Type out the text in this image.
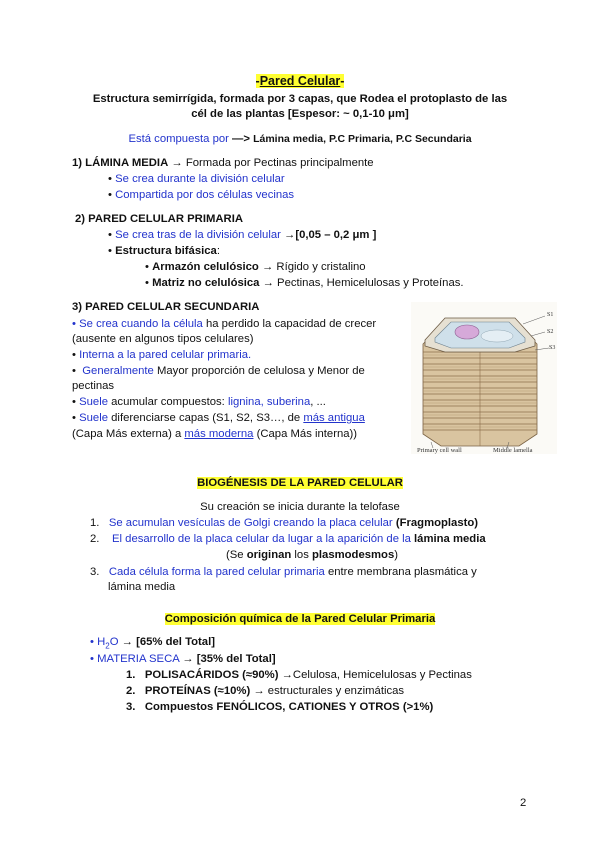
-Pared Celular-
Estructura semirrígida, formada por 3 capas, que Rodea el protoplasto de las
cél de las plantas [Espesor: ~ 0,1-10 μm]
Está compuesta por —> Lámina media, P.C Primaria, P.C Secundaria
1) LÁMINA MEDIA → Formada por Pectinas principalmente
• Se crea durante la división celular
• Compartida por dos células vecinas
2) PARED CELULAR PRIMARIA
• Se crea tras de la división celular →[0,05 – 0,2 μm ]
• Estructura bifásica:
• Armazón celulósico → Rígido y cristalino
• Matriz no celulósica → Pectinas, Hemicelulosas y Proteínas.
3) PARED CELULAR SECUNDARIA
• Se crea cuando la célula ha perdido la capacidad de crecer
(ausente en algunos tipos celulares)
• Interna a la pared celular primaria.
• Generalmente Mayor proporción de celulosa y Menor de
pectinas
• Suele acumular compuestos: lignina, suberina, ...
• Suele diferenciarse capas (S1, S2, S3…, de más antigua
(Capa Más externa) a más moderna (Capa Más interna))
S1
S2
S3
Primary cell wall	Middle lamella
BIOGÉNESIS DE LA PARED CELULAR
Su creación se inicia durante la telofase
1. Se acumulan vesículas de Golgi creando la placa celular (Fragmoplasto)
2. El desarrollo de la placa celular da lugar a la aparición de la lámina media
(Se originan los plasmodesmos)
3. Cada célula forma la pared celular primaria entre membrana plasmática y
lámina media
Composición química de la Pared Celular Primaria
• $H_2O \to [65\%$ del Total]
• MATERIA SECA → [35% del Total]
1. POLISACÁRIDOS (≈90%) →Celulosa, Hemicelulosas y Pectinas
2. PROTEÍNAS (≈10%) → estructurales y enzimáticas
3. Compuestos FENÓLICOS, CATIONES Y OTROS (>1%)
2
